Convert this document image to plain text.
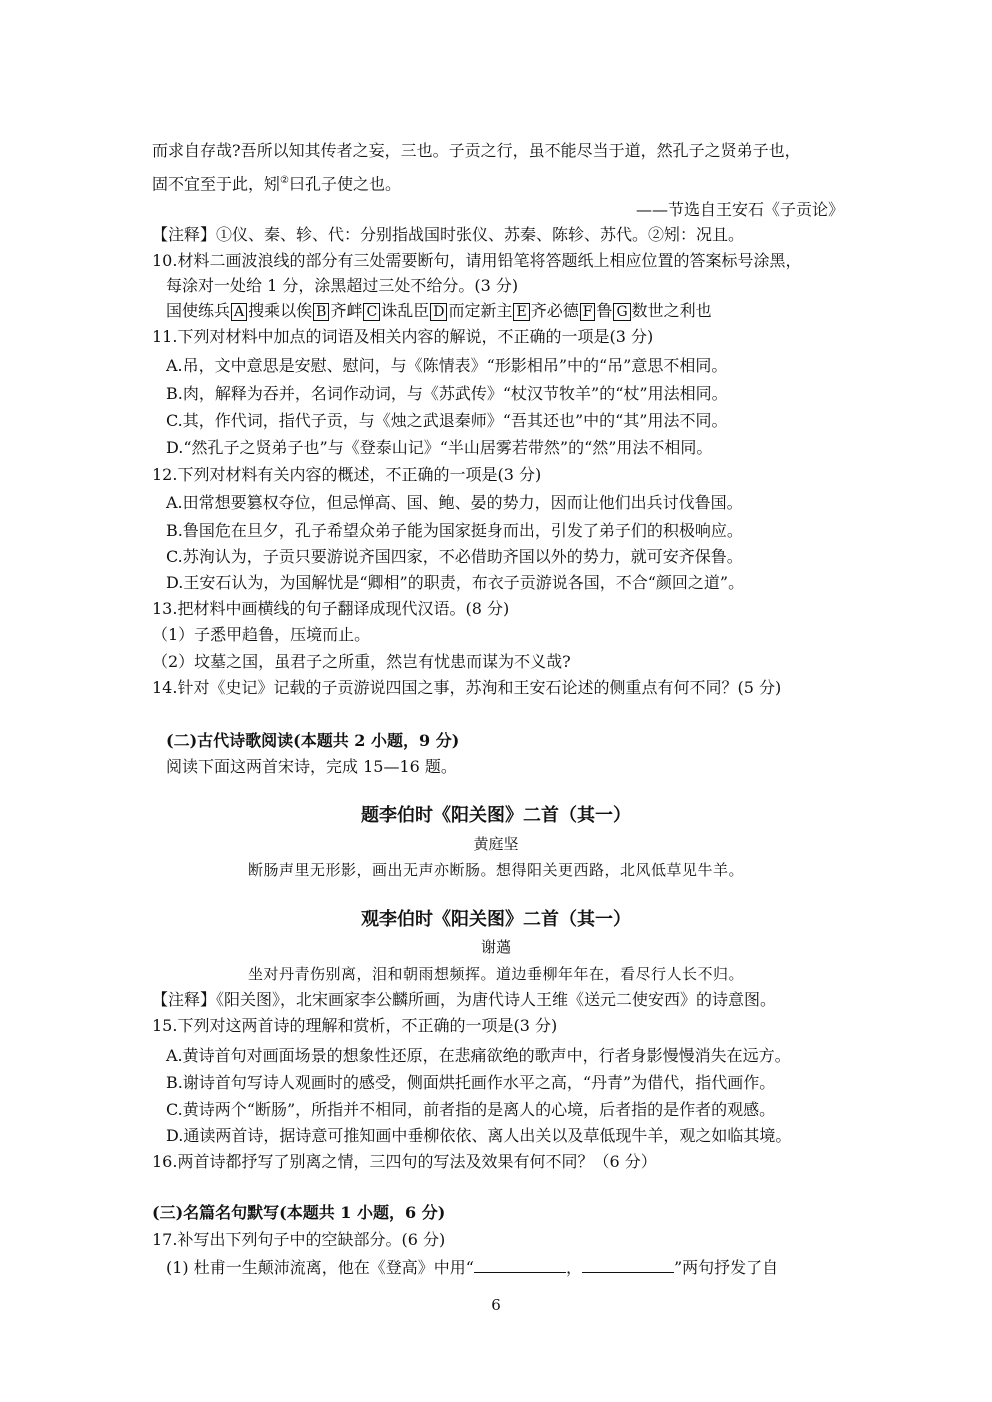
而求自存哉?吾所以知其传者之妄，三也。子贡之行，虽不能尽当于道，然孔子之贤弟子也，
固不宜至于此，矧②曰孔子使之也。
——节选自王安石《子贡论》
【注释】①仪、秦、轸、代：分别指战国时张仪、苏秦、陈轸、苏代。②矧：况且。
10.材料二画波浪线的部分有三处需要断句，请用铅笔将答题纸上相应位置的答案标号涂黑，
每涂对一处给 1 分，涂黑超过三处不给分。(3 分)
国使练兵 A 搜乘以俟 B 齐衅 C 诛乱臣 D 而定新主 E 齐必德 F 鲁 G 数世之利也
11.下列对材料中加点的词语及相关内容的解说，不正确的一项是(3 分)
A.吊，文中意思是安慰、慰问，与《陈情表》“形影相吊”中的“吊”意思不相同。
B.肉，解释为吞并，名词作动词，与《苏武传》“杖汉节牧羊”的“杖”用法相同。
C.其，作代词，指代子贡，与《烛之武退秦师》“吾其还也”中的“其”用法不同。
D.“然孔子之贤弟子也”与《登泰山记》“半山居雾若带然”的“然”用法不相同。
12.下列对材料有关内容的概述，不正确的一项是(3 分)
A.田常想要篡权夺位，但忌惮高、国、鲍、晏的势力，因而让他们出兵讨伐鲁国。
B.鲁国危在旦夕，孔子希望众弟子能为国家挺身而出，引发了弟子们的积极响应。
C.苏洵认为，子贡只要游说齐国四家，不必借助齐国以外的势力，就可安齐保鲁。
D.王安石认为，为国解忧是“卿相”的职责，布衣子贡游说各国，不合“颜回之道”。
13.把材料中画横线的句子翻译成现代汉语。(8 分)
（1）子悉甲趋鲁，压境而止。
（2）坟墓之国，虽君子之所重，然岂有忧患而谋为不义哉?
14.针对《史记》记载的子贡游说四国之事，苏洵和王安石论述的侧重点有何不同？(5 分)
(二)古代诗歌阅读(本题共 2 小题，9 分)
阅读下面这两首宋诗，完成 15—16 题。
题李伯时《阳关图》二首（其一）
黄庭坚
断肠声里无形影，画出无声亦断肠。想得阳关更西路，北风低草见牛羊。
观李伯时《阳关图》二首（其一）
谢薖
坐对丹青伤别离，泪和朝雨想频挥。道边垂柳年年在，看尽行人长不归。
【注释】《阳关图》，北宋画家李公麟所画，为唐代诗人王维《送元二使安西》的诗意图。
15.下列对这两首诗的理解和赏析，不正确的一项是(3 分)
A.黄诗首句对画面场景的想象性还原，在悲痛欲绝的歌声中，行者身影慢慢消失在远方。
B.谢诗首句写诗人观画时的感受，侧面烘托画作水平之高，“丹青”为借代，指代画作。
C.黄诗两个“断肠”，所指并不相同，前者指的是离人的心境，后者指的是作者的观感。
D.通读两首诗，据诗意可推知画中垂柳依依、离人出关以及草低现牛羊，观之如临其境。
16.两首诗都抒写了别离之情，三四句的写法及效果有何不同？（6 分）
(三)名篇名句默写(本题共 1 小题，6 分)
17.补写出下列句子中的空缺部分。(6 分)
(1) 杜甫一生颠沛流离，他在《登高》中用“	，	”两句抒发了自
6
